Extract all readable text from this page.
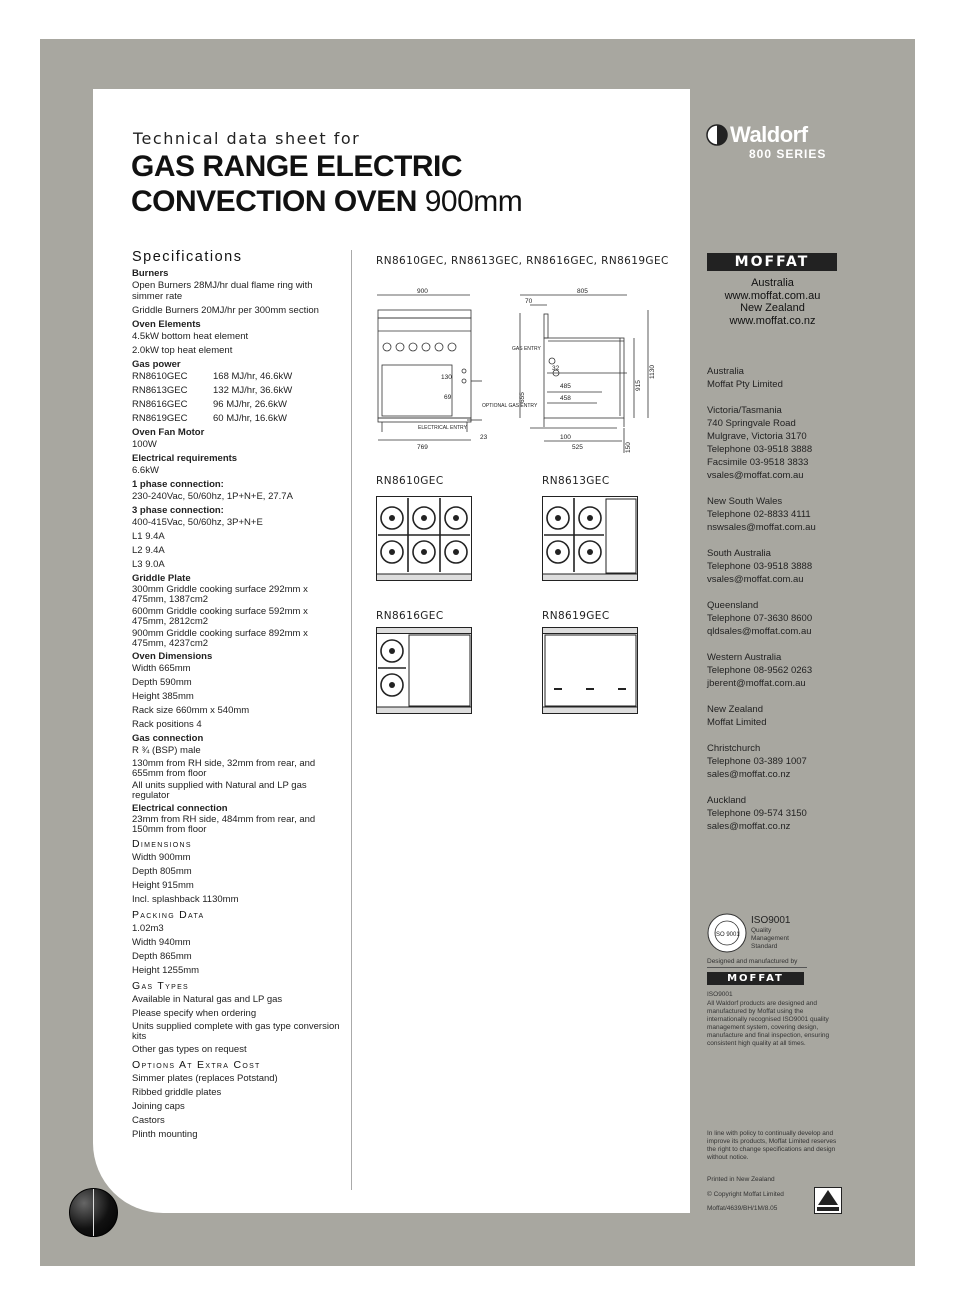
Technical data sheet for
GAS RANGE ELECTRIC
CONVECTION OVEN 900mm
Waldorf
800 SERIES
Specifications
Burners
Open Burners 28MJ/hr dual flame ring with simmer rate
Griddle Burners 20MJ/hr per 300mm section
Oven Elements
4.5kW bottom heat element
2.0kW top heat element
Gas power
RN8610GEC	168 MJ/hr, 46.6kW
RN8613GEC	132 MJ/hr, 36.6kW
RN8616GEC	96 MJ/hr, 26.6kW
RN8619GEC	60 MJ/hr, 16.6kW
Oven Fan Motor
100W
Electrical requirements
6.6kW
1 phase connection:
230-240Vac, 50/60hz, 1P+N+E, 27.7A
3 phase connection:
400-415Vac, 50/60hz, 3P+N+E
L1 9.4A
L2 9.4A
L3 9.0A
Griddle Plate
300mm Griddle cooking surface 292mm x 475mm, 1387cm2
600mm Griddle cooking surface 592mm x 475mm, 2812cm2
900mm Griddle cooking surface 892mm x 475mm, 4237cm2
Oven Dimensions
Width 665mm
Depth 590mm
Height 385mm
Rack size 660mm x 540mm
Rack positions 4
Gas connection
R ¾ (BSP) male
130mm from RH side, 32mm from rear, and 655mm from floor
All units supplied with Natural and LP gas regulator
Electrical connection
23mm from RH side, 484mm from rear, and 150mm from floor
Dimensions
Width 900mm
Depth 805mm
Height 915mm
Incl. splashback 1130mm
Packing Data
1.02m3
Width 940mm
Depth 865mm
Height 1255mm
Gas Types
Available in Natural gas and LP gas
Please specify when ordering
Units supplied complete with gas type conversion kits
Other gas types on request
Options At Extra Cost
Simmer plates (replaces Potstand)
Ribbed griddle plates
Joining caps
Castors
Plinth mounting
RN8610GEC, RN8613GEC, RN8616GEC, RN8619GEC
900	805
70
GAS ENTRY
32
485
458
130
69
OPTIONAL GAS ENTRY
655
915
1130
ELECTRICAL ENTRY
23	100
769	525	150
RN8610GEC	RN8613GEC
RN8616GEC	RN8619GEC
MOFFAT
Australia
www.moffat.com.au
New Zealand
www.moffat.co.nz
Australia
Moffat Pty Limited
Victoria/Tasmania
740 Springvale Road
Mulgrave, Victoria 3170
Telephone 03-9518 3888
Facsimile 03-9518 3833
vsales@moffat.com.au
New South Wales
Telephone 02-8833 4111
nswsales@moffat.com.au
South Australia
Telephone 03-9518 3888
vsales@moffat.com.au
Queensland
Telephone 07-3630 8600
qldsales@moffat.com.au
Western Australia
Telephone 08-9562 0263
jberent@moffat.com.au
New Zealand
Moffat Limited
Christchurch
Telephone 03-389 1007
sales@moffat.co.nz
Auckland
Telephone 09-574 3150
sales@moffat.co.nz
ISO 9001
ISO9001
Quality Management Standard
Designed and manufactured by
MOFFAT
ISO9001
All Waldorf products are designed and manufactured by Moffat using the internationally recognised ISO9001 quality management system, covering design, manufacture and final inspection, ensuring consistent high quality at all times.
In line with policy to continually develop and improve its products, Moffat Limited reserves the right to change specifications and design without notice.
Printed in New Zealand
© Copyright Moffat Limited
Moffat/4639/BH/1M/8.05
